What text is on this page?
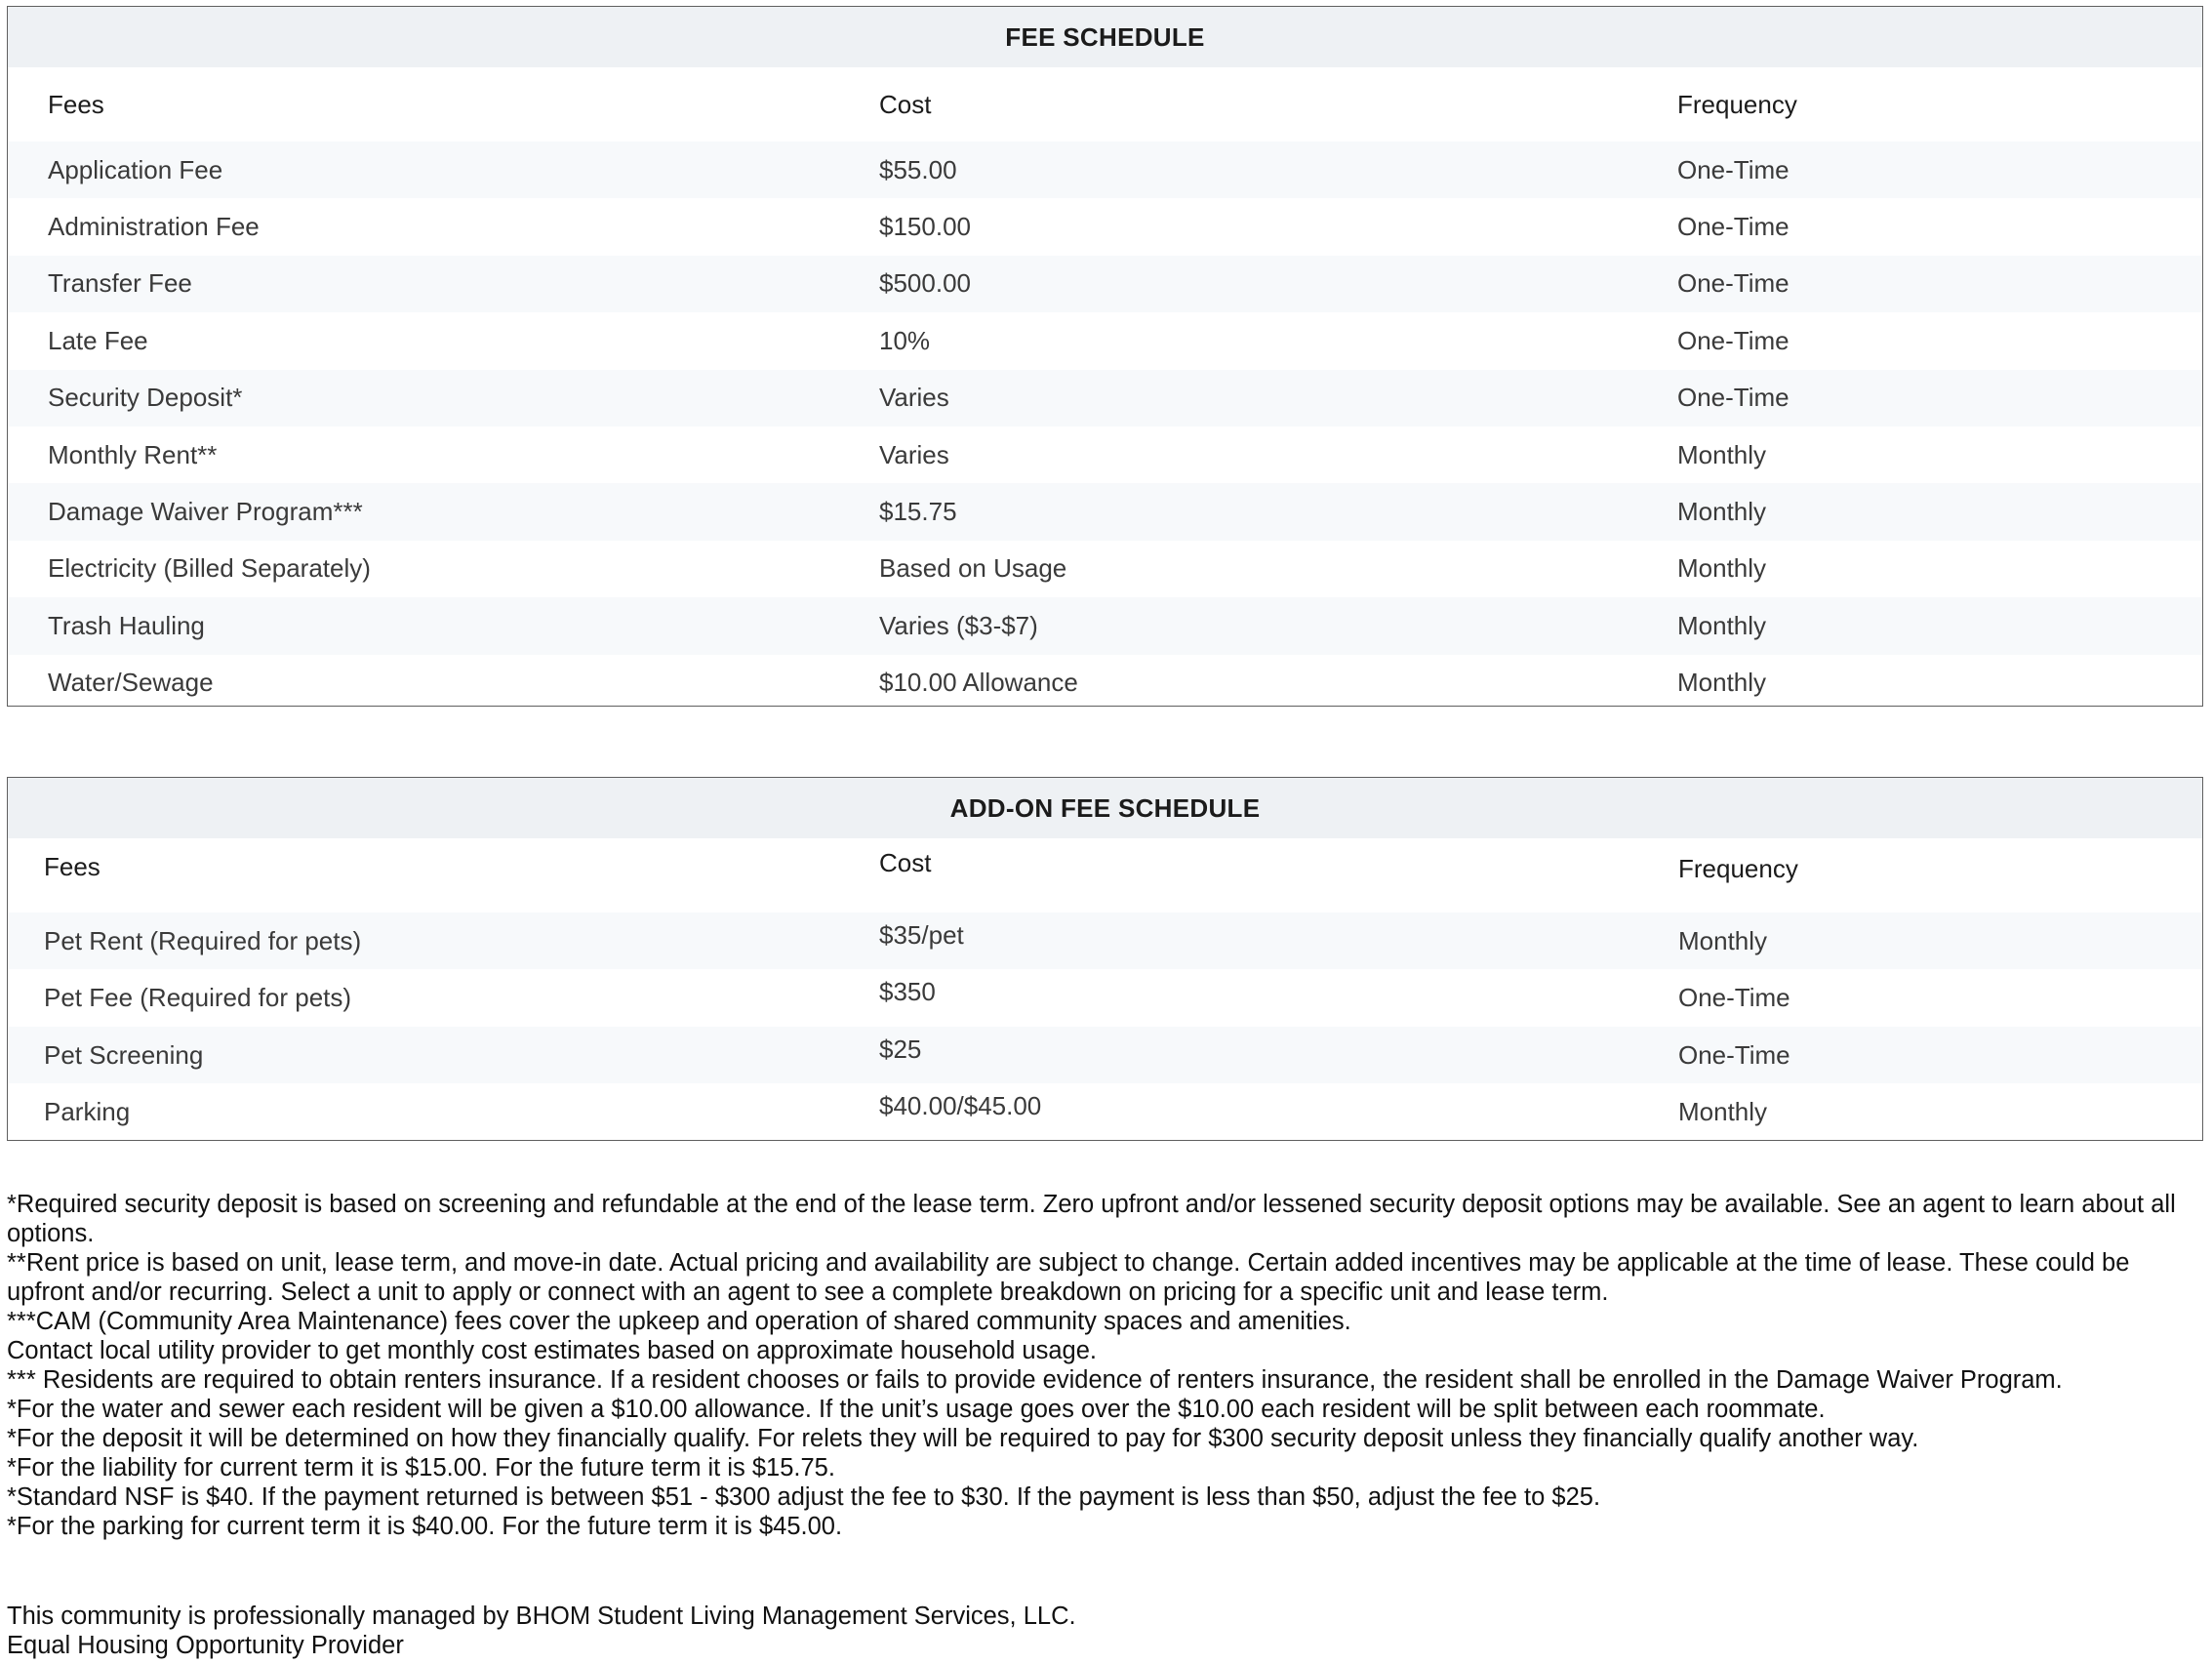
FEE SCHEDULE
Fees	Cost	Frequency
Application Fee	$55.00	One-Time
Administration Fee	$150.00	One-Time
Transfer Fee	$500.00	One-Time
Late Fee	10%	One-Time
Security Deposit*	Varies	One-Time
Monthly Rent**	Varies	Monthly
Damage Waiver Program***	$15.75	Monthly
Electricity (Billed Separately)	Based on Usage	Monthly
Trash Hauling	Varies ($3-$7)	Monthly
Water/Sewage	$10.00 Allowance	Monthly
ADD-ON FEE SCHEDULE
Fees	Cost	Frequency
Pet Rent (Required for pets)	$35/pet	Monthly
Pet Fee (Required for pets)	$350	One-Time
Pet Screening	$25	One-Time
Parking	$40.00/$45.00	Monthly

*Required security deposit is based on screening and refundable at the end of the lease term. Zero upfront and/or lessened security deposit options may be available. See an agent to learn about all options.

**Rent price is based on unit, lease term, and move-in date. Actual pricing and availability are subject to change. Certain added incentives may be applicable at the time of lease. These could be upfront and/or recurring. Select a unit to apply or connect with an agent to see a complete breakdown on pricing for a specific unit and lease term.

***CAM (Community Area Maintenance) fees cover the upkeep and operation of shared community spaces and amenities.

Contact local utility provider to get monthly cost estimates based on approximate household usage.

*** Residents are required to obtain renters insurance. If a resident chooses or fails to provide evidence of renters insurance, the resident shall be enrolled in the Damage Waiver Program.

*For the water and sewer each resident will be given a $10.00 allowance. If the unit’s usage goes over the $10.00 each resident will be split between each roommate.

*For the deposit it will be determined on how they financially qualify. For relets they will be required to pay for $300 security deposit unless they financially qualify another way.

*For the liability for current term it is $15.00. For the future term it is $15.75.

*Standard NSF is $40. If the payment returned is between $51 - $300 adjust the fee to $30. If the payment is less than $50, adjust the fee to $25.

*For the parking for current term it is $40.00. For the future term it is $45.00.

This community is professionally managed by BHOM Student Living Management Services, LLC.

Equal Housing Opportunity Provider
